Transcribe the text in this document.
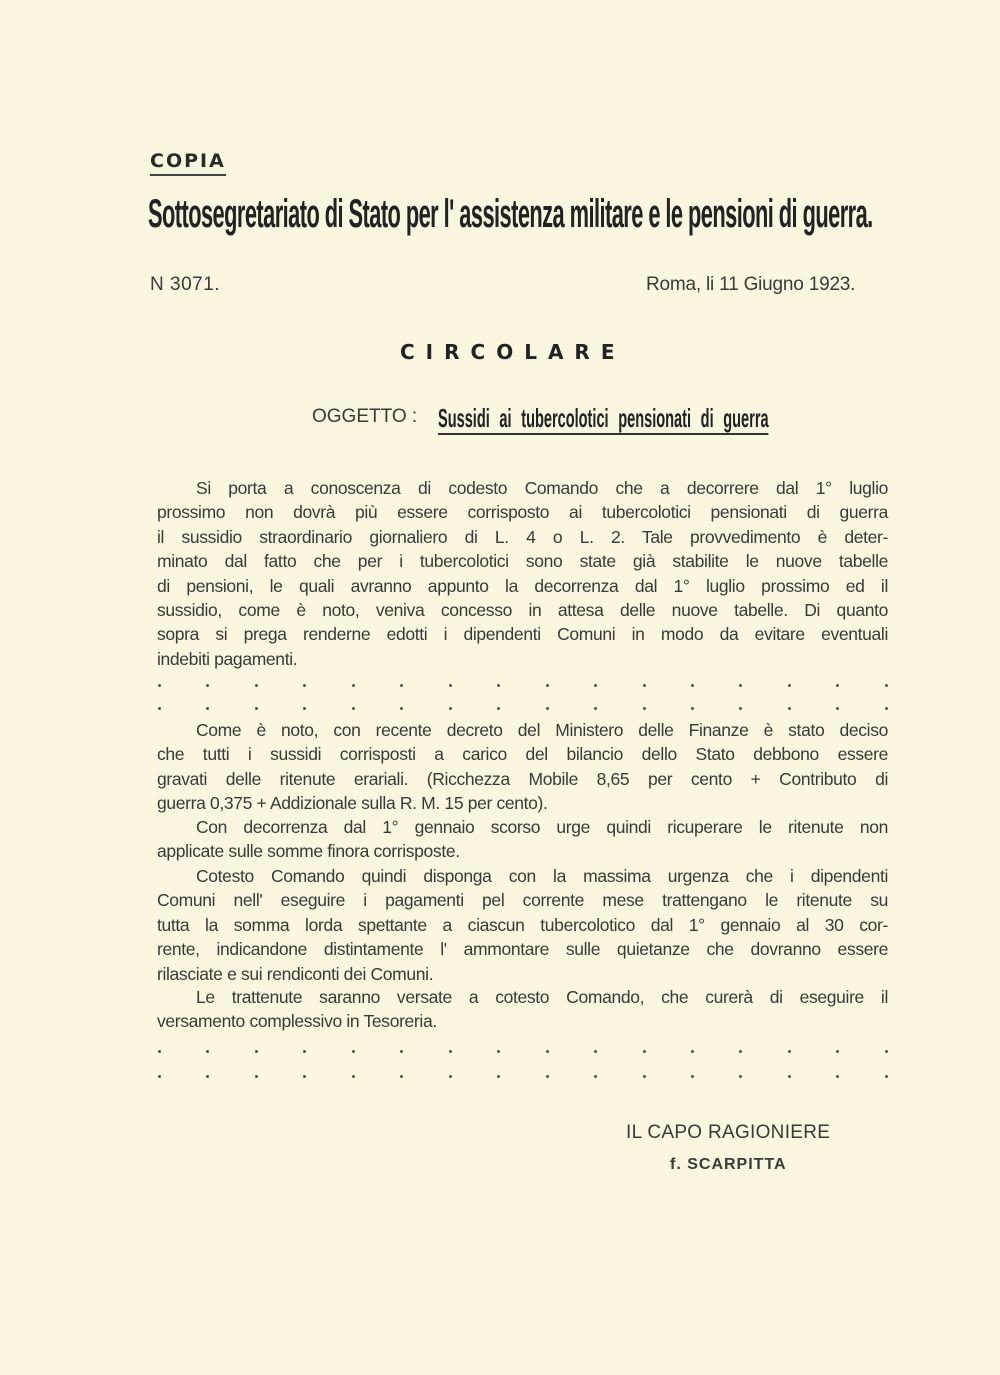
COPIA
Sottosegretariato di Stato per l' assistenza militare e le pensioni di guerra.
N 3071.	Roma, li 11 Giugno 1923.
CIRCOLARE
OGGETTO : Sussidi ai tubercolotici pensionati di guerra
Si porta a conoscenza di codesto Comando che a decorrere dal 1° luglio
prossimo non dovrà più essere corrisposto ai tubercolotici pensionati di guerra
il sussidio straordinario giornaliero di L. 4 o L. 2. Tale provvedimento è deter-
minato dal fatto che per i tubercolotici sono state già stabilite le nuove tabelle
di pensioni, le quali avranno appunto la decorrenza dal 1° luglio prossimo ed il
sussidio, come è noto, veniva concesso in attesa delle nuove tabelle. Di quanto
sopra si prega renderne edotti i dipendenti Comuni in modo da evitare eventuali
indebiti pagamenti.
Come è noto, con recente decreto del Ministero delle Finanze è stato deciso
che tutti i sussidi corrisposti a carico del bilancio dello Stato debbono essere
gravati delle ritenute erariali. (Ricchezza Mobile 8,65 per cento + Contributo di
guerra 0,375 + Addizionale sulla R. M. 15 per cento).
Con decorrenza dal 1° gennaio scorso urge quindi ricuperare le ritenute non
applicate sulle somme finora corrisposte.
Cotesto Comando quindi disponga con la massima urgenza che i dipendenti
Comuni nell' eseguire i pagamenti pel corrente mese trattengano le ritenute su
tutta la somma lorda spettante a ciascun tubercolotico dal 1° gennaio al 30 cor-
rente, indicandone distintamente l' ammontare sulle quietanze che dovranno essere
rilasciate e sui rendiconti dei Comuni.
Le trattenute saranno versate a cotesto Comando, che curerà di eseguire il
versamento complessivo in Tesoreria.
IL CAPO RAGIONIERE
f. SCARPITTA
